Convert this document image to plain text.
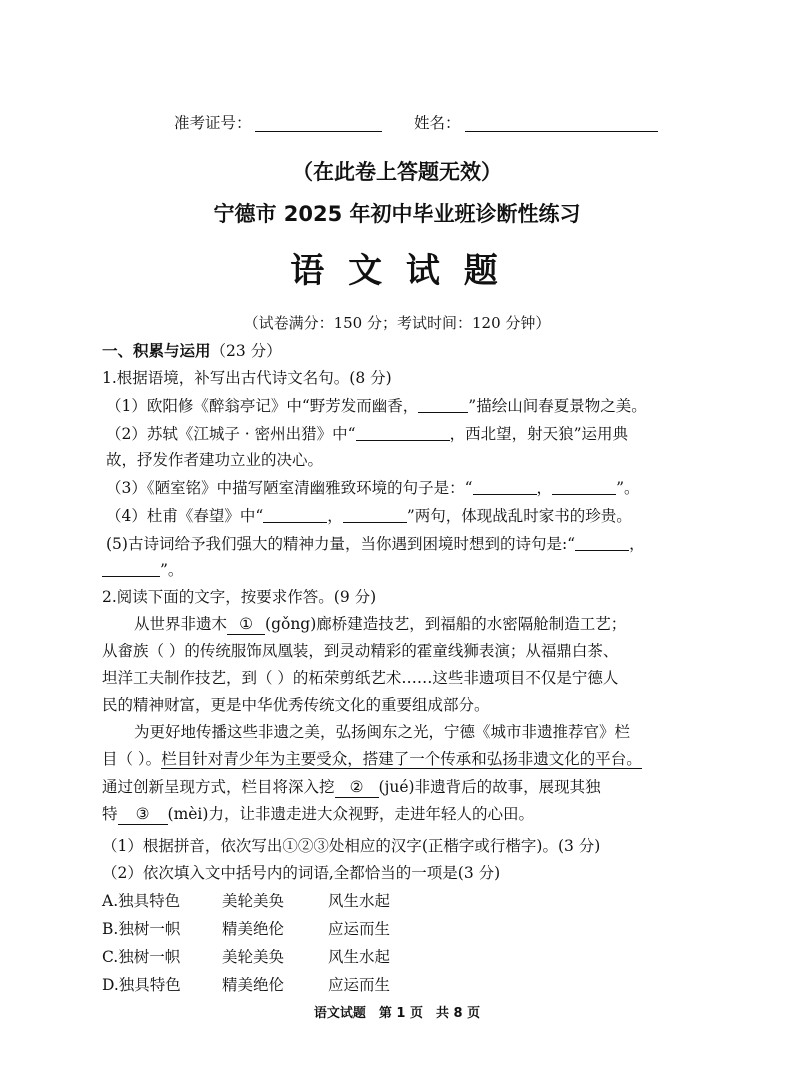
准考证号：	姓名：
（在此卷上答题无效）
宁德市 2025 年初中毕业班诊断性练习
语 文 试 题
（试卷满分：150 分；考试时间：120 分钟）
一、积累与运用（23 分）
1.根据语境，补写出古代诗文名句。(8 分)
（1）欧阳修《醉翁亭记》中“野芳发而幽香，	”描绘山间春夏景物之美。
（2）苏轼《江城子 · 密州出猎》中“	，西北望，射天狼”运用典
故，抒发作者建功立业的决心。
（3）《陋室铭》中描写陋室清幽雅致环境的句子是：“	，	”。
（4）杜甫《春望》中“	，	”两句，体现战乱时家书的珍贵。
(5)古诗词给予我们强大的精神力量，当你遇到困境时想到的诗句是:“	，
”。
2.阅读下面的文字，按要求作答。(9 分)
从世界非遗木 ① (gǒng)廊桥建造技艺，到福船的水密隔舱制造工艺；
从畲族（ ）的传统服饰凤凰装，到灵动精彩的霍童线狮表演；从福鼎白茶、
坦洋工夫制作技艺，到（ ）的柘荣剪纸艺术……这些非遗项目不仅是宁德人
民的精神财富，更是中华优秀传统文化的重要组成部分。
为更好地传播这些非遗之美，弘扬闽东之光，宁德《城市非遗推荐官》栏
目（ ）。栏目针对青少年为主要受众，搭建了一个传承和弘扬非遗文化的平台。
通过创新呈现方式，栏目将深入挖 ② (jué)非遗背后的故事，展现其独
特 ③ (mèi)力，让非遗走进大众视野，走进年轻人的心田。
（1）根据拼音，依次写出①②③处相应的汉字(正楷字或行楷字)。(3 分)
（2）依次填入文中括号内的词语,全都恰当的一项是(3 分)
A.独具特色	美轮美奂	风生水起
B.独树一帜	精美绝伦	应运而生
C.独树一帜	美轮美奂	风生水起
D.独具特色	精美绝伦	应运而生
语文试题　第 1 页　共 8 页
